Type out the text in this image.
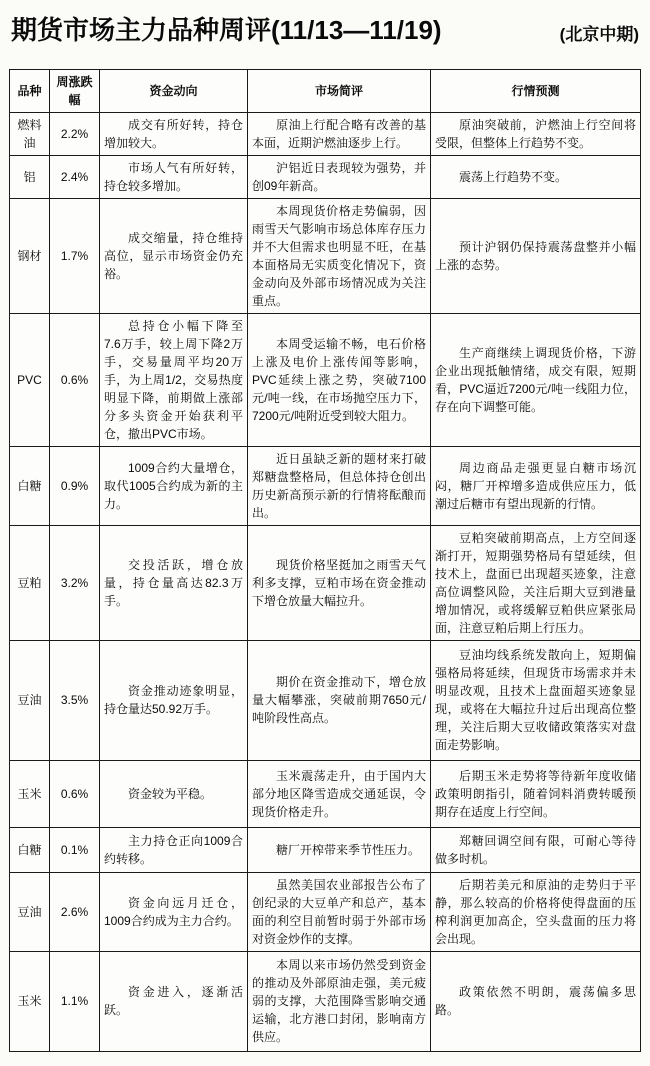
期货市场主力品种周评(11/13—11/19)	(北京中期)
品种	周涨跌幅	资金动向	市场简评	行情预测
燃料油	2.2%	成交有所好转，持仓增加较大。	原油上行配合略有改善的基本面，近期沪燃油逐步上行。	原油突破前，沪燃油上行空间将受限，但整体上行趋势不变。
铝	2.4%	市场人气有所好转，持仓较多增加。	沪铝近日表现较为强势，并创09年新高。	震荡上行趋势不变。
钢材	1.7%	成交缩量，持仓维持高位，显示市场资金仍充裕。	本周现货价格走势偏弱，因雨雪天气影响市场总体库存压力并不大但需求也明显不旺，在基本面格局无实质变化情况下，资金动向及外部市场情况成为关注重点。	预计沪钢仍保持震荡盘整并小幅上涨的态势。
PVC	0.6%	总持仓小幅下降至 7.6万手，较上周下降2万手，交易量周平均20万手，为上周1/2，交易热度明显下降，前期做上涨部分多头资金开始获利平仓，撤出PVC市场。	本周受运输不畅，电石价格上涨及电价上涨传闻等影响，PVC延续上涨之势，突破7100元/吨一线，在市场抛空压力下，7200元/吨附近受到较大阻力。	生产商继续上调现货价格，下游企业出现抵触情绪，成交有限，短期看，PVC逼近7200元/吨一线阻力位，存在向下调整可能。
白糖	0.9%	1009合约大量增仓，取代1005合约成为新的主力。	近日虽缺乏新的题材来打破郑糖盘整格局，但总体持仓创出历史新高预示新的行情将酝酿而出。	周边商品走强更显白糖市场沉闷，糖厂开榨增多造成供应压力，低潮过后糖市有望出现新的行情。
豆粕	3.2%	交投活跃，增仓放量，持仓量高达82.3万手。	现货价格坚挺加之雨雪天气利多支撑，豆粕市场在资金推动下增仓放量大幅拉升。	豆粕突破前期高点，上方空间逐渐打开，短期强势格局有望延续，但技术上，盘面已出现超买迹象，注意高位调整风险，关注后期大豆到港量增加情况，或将缓解豆粕供应紧张局面，注意豆粕后期上行压力。
豆油	3.5%	资金推动迹象明显，持仓量达50.92万手。	期价在资金推动下，增仓放量大幅攀涨，突破前期7650元/吨阶段性高点。	豆油均线系统发散向上，短期偏强格局将延续，但现货市场需求并未明显改观，且技术上盘面超买迹象显现，或将在大幅拉升过后出现高位整理，关注后期大豆收储政策落实对盘面走势影响。
玉米	0.6%	资金较为平稳。	玉米震荡走升，由于国内大部分地区降雪造成交通延误，令现货价格走升。	后期玉米走势将等待新年度收储政策明朗指引，随着饲料消费转暖预期存在适度上行空间。
白糖	0.1%	主力持仓正向1009合约转移。	糖厂开榨带来季节性压力。	郑糖回调空间有限，可耐心等待做多时机。
豆油	2.6%	资金向远月迁仓，1009合约成为主力合约。	虽然美国农业部报告公布了创纪录的大豆单产和总产，基本面的利空目前暂时弱于外部市场对资金炒作的支撑。	后期若美元和原油的走势归于平静，那么较高的价格将使得盘面的压榨利润更加高企，空头盘面的压力将会出现。
玉米	1.1%	资金进入，逐渐活跃。	本周以来市场仍然受到资金的推动及外部原油走强，美元疲弱的支撑，大范围降雪影响交通运输，北方港口封闭，影响南方供应。	政策依然不明朗，震荡偏多思路。
